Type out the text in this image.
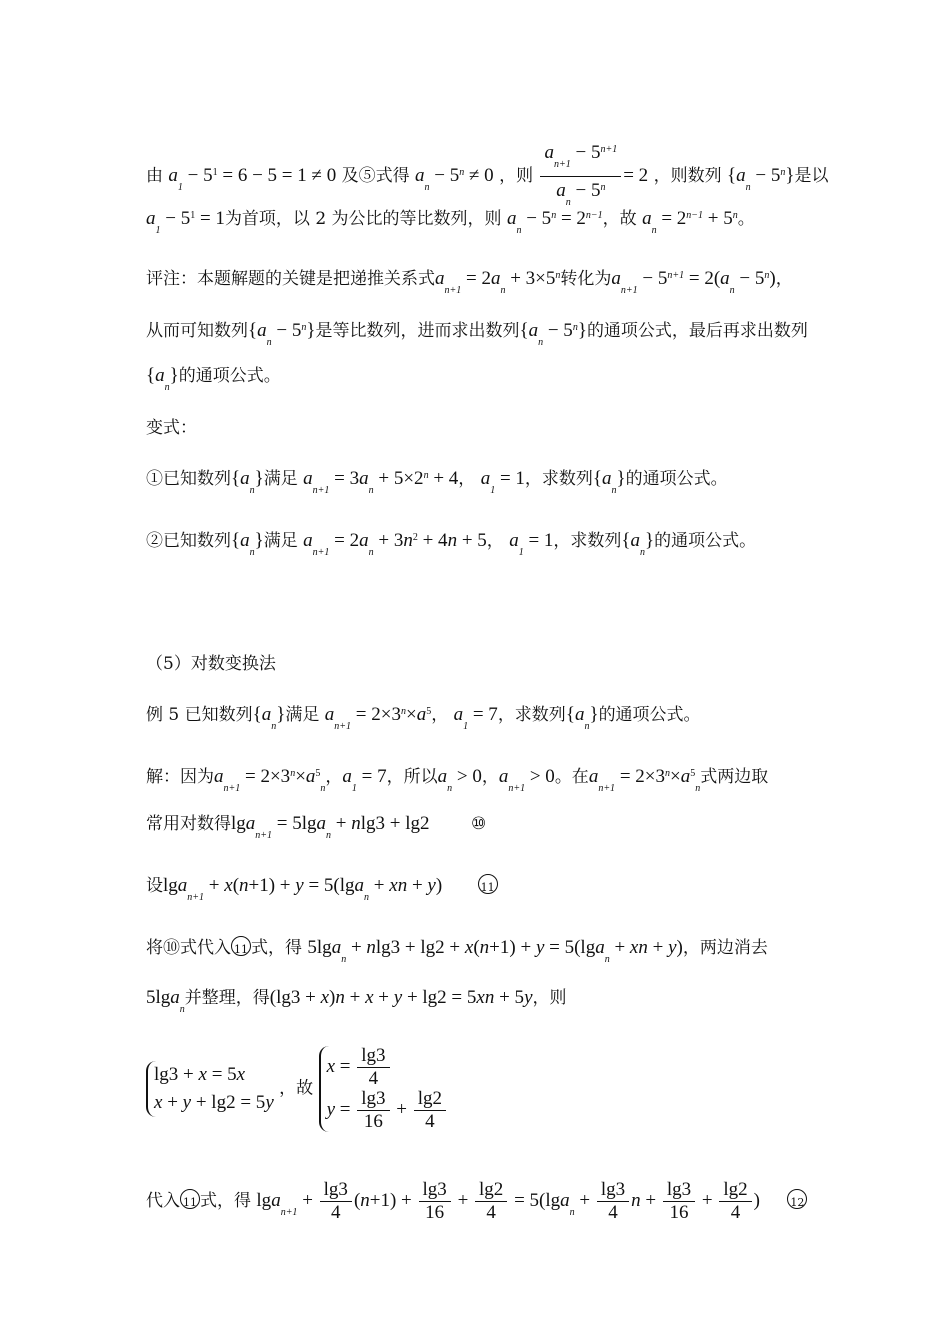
由 $a_1 - 5^1 = 6 - 5 = 1 \ne 0$ 及⑤式得 $a_n - 5^n \ne 0$ ，则 $\frac{a_{n+1} - 5^{n+1}}{a_n - 5^n} = 2$ ，则数列 $\{a_n - 5^n\}$是以
$a_1 - 5^1 = 1$为首项，以 2 为公比的等比数列，则 $a_n - 5^n = 2^{n-1}$，故 $a_n = 2^{n-1} + 5^n$。
评注：本题解题的关键是把递推关系式$a_{n+1} = 2a_n + 3\times 5^n$转化为$a_{n+1} - 5^{n+1} = 2(a_n - 5^n)$，
从而可知数列$\{a_n - 5^n\}$是等比数列，进而求出数列$\{a_n - 5^n\}$的通项公式，最后再求出数列
$\{a_n\}$的通项公式。
变式：
①已知数列$\{a_n\}$满足 $a_{n+1} = 3a_n + 5\times 2^n + 4$， $a_1 = 1$，求数列$\{a_n\}$的通项公式。
②已知数列$\{a_n\}$满足 $a_{n+1} = 2a_n + 3n^2 + 4n + 5$， $a_1 = 1$，求数列$\{a_n\}$的通项公式。
（5）对数变换法
例 5 已知数列$\{a_n\}$满足 $a_{n+1} = 2\times 3^n\times a^5$， $a_1 = 7$，求数列$\{a_n\}$的通项公式。
解：因为$a_{n+1} = 2\times 3^n\times a^5_n$，$a_1 = 7$，所以$a_n > 0$，$a_{n+1} > 0$。在$a_{n+1} = 2\times 3^n\times a^5_n$式两边取
常用对数得lga$_{n+1}$ = 5lga$_n$ + nlg3 + lg2 ⑩
设lga$_{n+1}$ + x(n+1) + y = 5(lga$_n$ + xn + y)	11
将⑩式代入 11 式，得 5lga$_n$ + nlg3 + lg2 + x(n+1) + y = 5(lga$_n$ + xn + y)，两边消去
5lga$_n$并整理，得(lg3 + x)n + x + y + lg2 = 5xn + 5y，则
lg3 + x = 5x
x + y + lg2 = 5y
，故
$x = \frac{\lg 3}{4}$
$y = \frac{\lg 3}{16} + \frac{\lg 2}{4}$
代入 11 式，得 $\lg a_{n+1} + \frac{\lg 3}{4} (n+1) + \frac{\lg 3}{16} + \frac{\lg 2}{4} = 5(\lg a_n + \frac{\lg 3}{4}$ $n + \frac{\lg 3}{16} + \frac{\lg 2}{4}$ )	12
